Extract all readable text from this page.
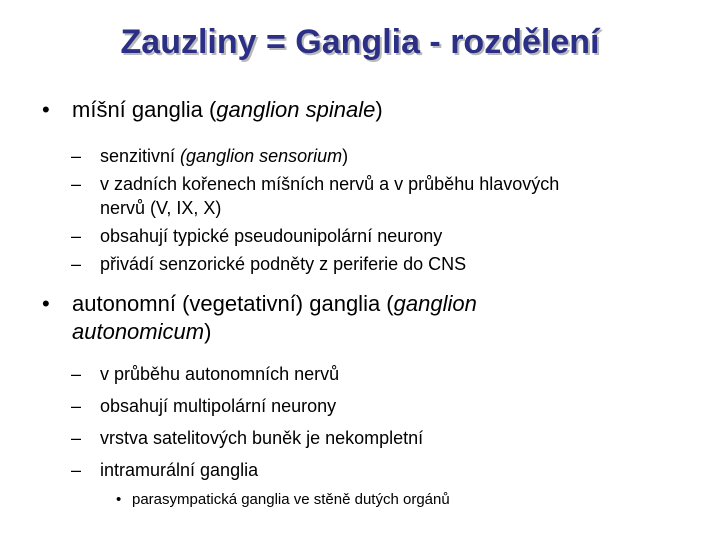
Zauzliny = Ganglia - rozdělení
•	míšní ganglia (ganglion spinale)
– senzitivní (ganglion sensorium)
– v zadních kořenech míšních nervů a v průběhu hlavových
nervů (V, IX, X)
– obsahují typické pseudounipolární neurony
– přivádí senzorické podněty z periferie do CNS
•	autonomní (vegetativní) ganglia (ganglion
autonomicum)
– v průběhu autonomních nervů
– obsahují multipolární neurony
– vrstva satelitových buněk je nekompletní
– intramurální ganglia
• parasympatická ganglia ve stěně dutých orgánů
